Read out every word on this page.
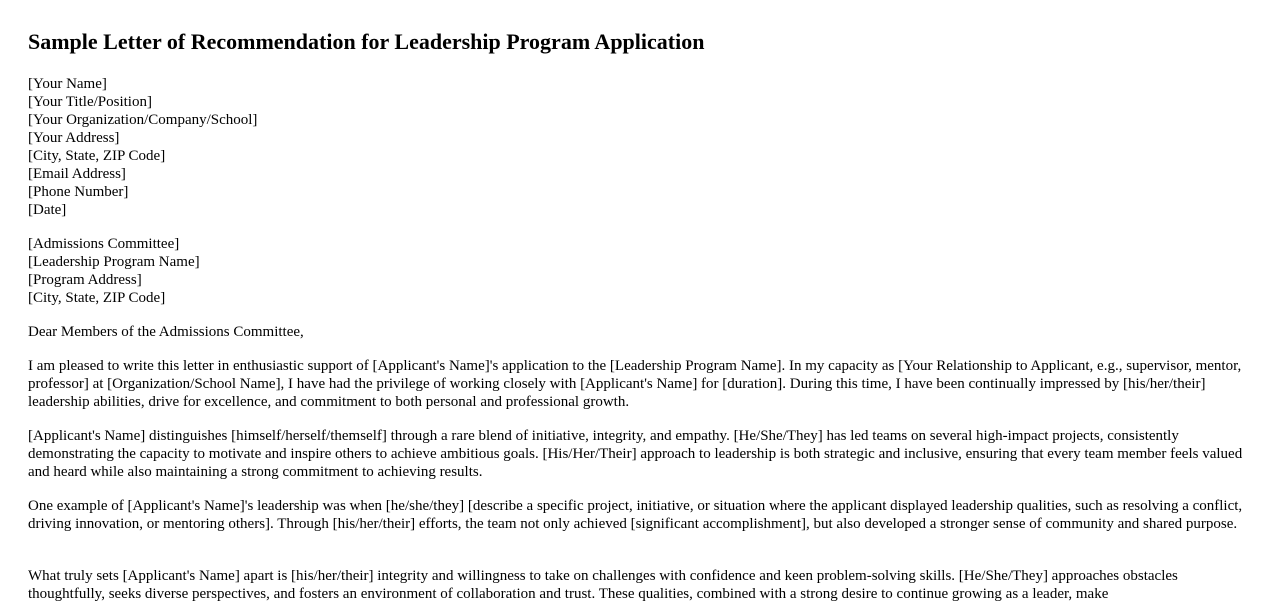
Sample Letter of Recommendation for Leadership Program Application
[Your Name]
[Your Title/Position]
[Your Organization/Company/School]
[Your Address]
[City, State, ZIP Code]
[Email Address]
[Phone Number]
[Date]
[Admissions Committee]
[Leadership Program Name]
[Program Address]
[City, State, ZIP Code]

Dear Members of the Admissions Committee,

I am pleased to write this letter in enthusiastic support of [Applicant's Name]'s application to the [Leadership Program Name]. In my capacity as [Your Relationship to Applicant, e.g., supervisor, mentor, professor] at [Organization/School Name], I have had the privilege of working closely with [Applicant's Name] for [duration]. During this time, I have been continually impressed by [his/her/their] leadership abilities, drive for excellence, and commitment to both personal and professional growth.

[Applicant's Name] distinguishes [himself/herself/themself] through a rare blend of initiative, integrity, and empathy. [He/She/They] has led teams on several high-impact projects, consistently demonstrating the capacity to motivate and inspire others to achieve ambitious goals. [His/Her/Their] approach to leadership is both strategic and inclusive, ensuring that every team member feels valued and heard while also maintaining a strong commitment to achieving results.

One example of [Applicant's Name]'s leadership was when [he/she/they] [describe a specific project, initiative, or situation where the applicant displayed leadership qualities, such as resolving a conflict, driving innovation, or mentoring others]. Through [his/her/their] efforts, the team not only achieved [significant accomplishment], but also developed a stronger sense of community and shared purpose.

What truly sets [Applicant's Name] apart is [his/her/their] integrity and willingness to take on challenges with confidence and keen problem-solving skills. [He/She/They] approaches obstacles thoughtfully, seeks diverse perspectives, and fosters an environment of collaboration and trust. These qualities, combined with a strong desire to continue growing as a leader, make
